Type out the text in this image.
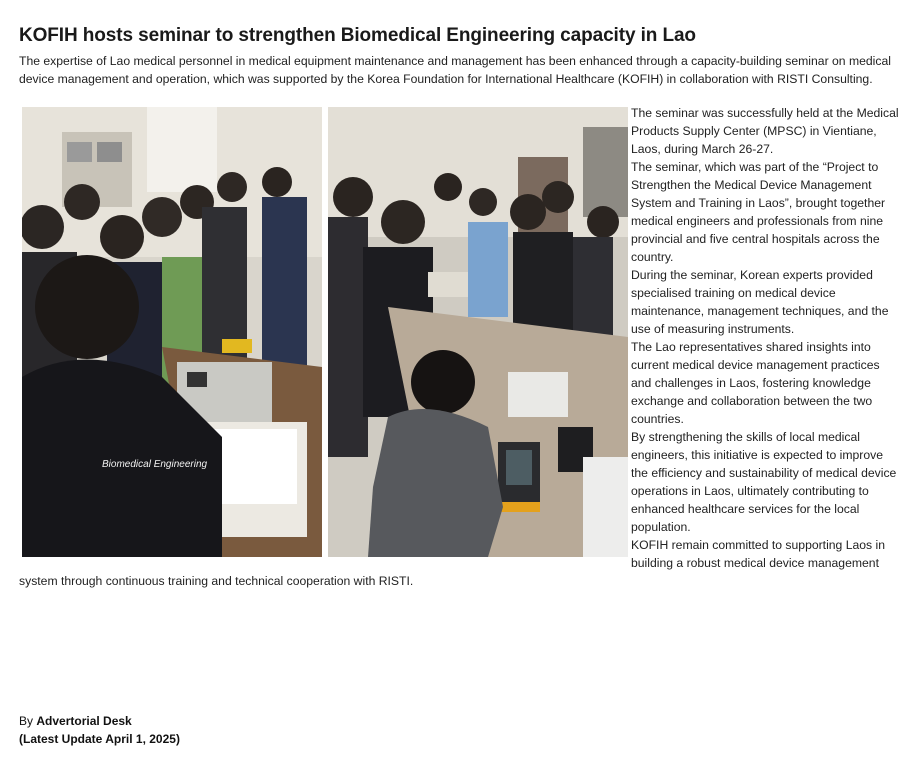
KOFIH hosts seminar to strengthen Biomedical Engineering capacity in Lao
The expertise of Lao medical personnel in medical equipment maintenance and management has been enhanced through a capacity-building seminar on medical device management and operation, which was supported by the Korea Foundation for International Healthcare (KOFIH) in collaboration with RISTI Consulting.
Biomedical Engineering

The seminar was successfully held at the Medical Products Supply Center (MPSC) in Vientiane, Laos, during March 26-27.

The seminar, which was part of the “Project to Strengthen the Medical Device Management System and Training in Laos”, brought together medical engineers and professionals from nine provincial and five central hospitals across the country.

During the seminar, Korean experts provided specialised training on medical device maintenance, management techniques, and the use of measuring instruments.

The Lao representatives shared insights into current medical device management practices and challenges in Laos, fostering knowledge exchange and collaboration between the two countries.

By strengthening the skills of local medical engineers, this initiative is expected to improve the efficiency and sustainability of medical device operations in Laos, ultimately contributing to enhanced healthcare services for the local population.

KOFIH remain committed to supporting Laos in building a robust medical device management

system through continuous training and technical cooperation with RISTI.
By Advertorial Desk
(Latest Update April 1, 2025)
